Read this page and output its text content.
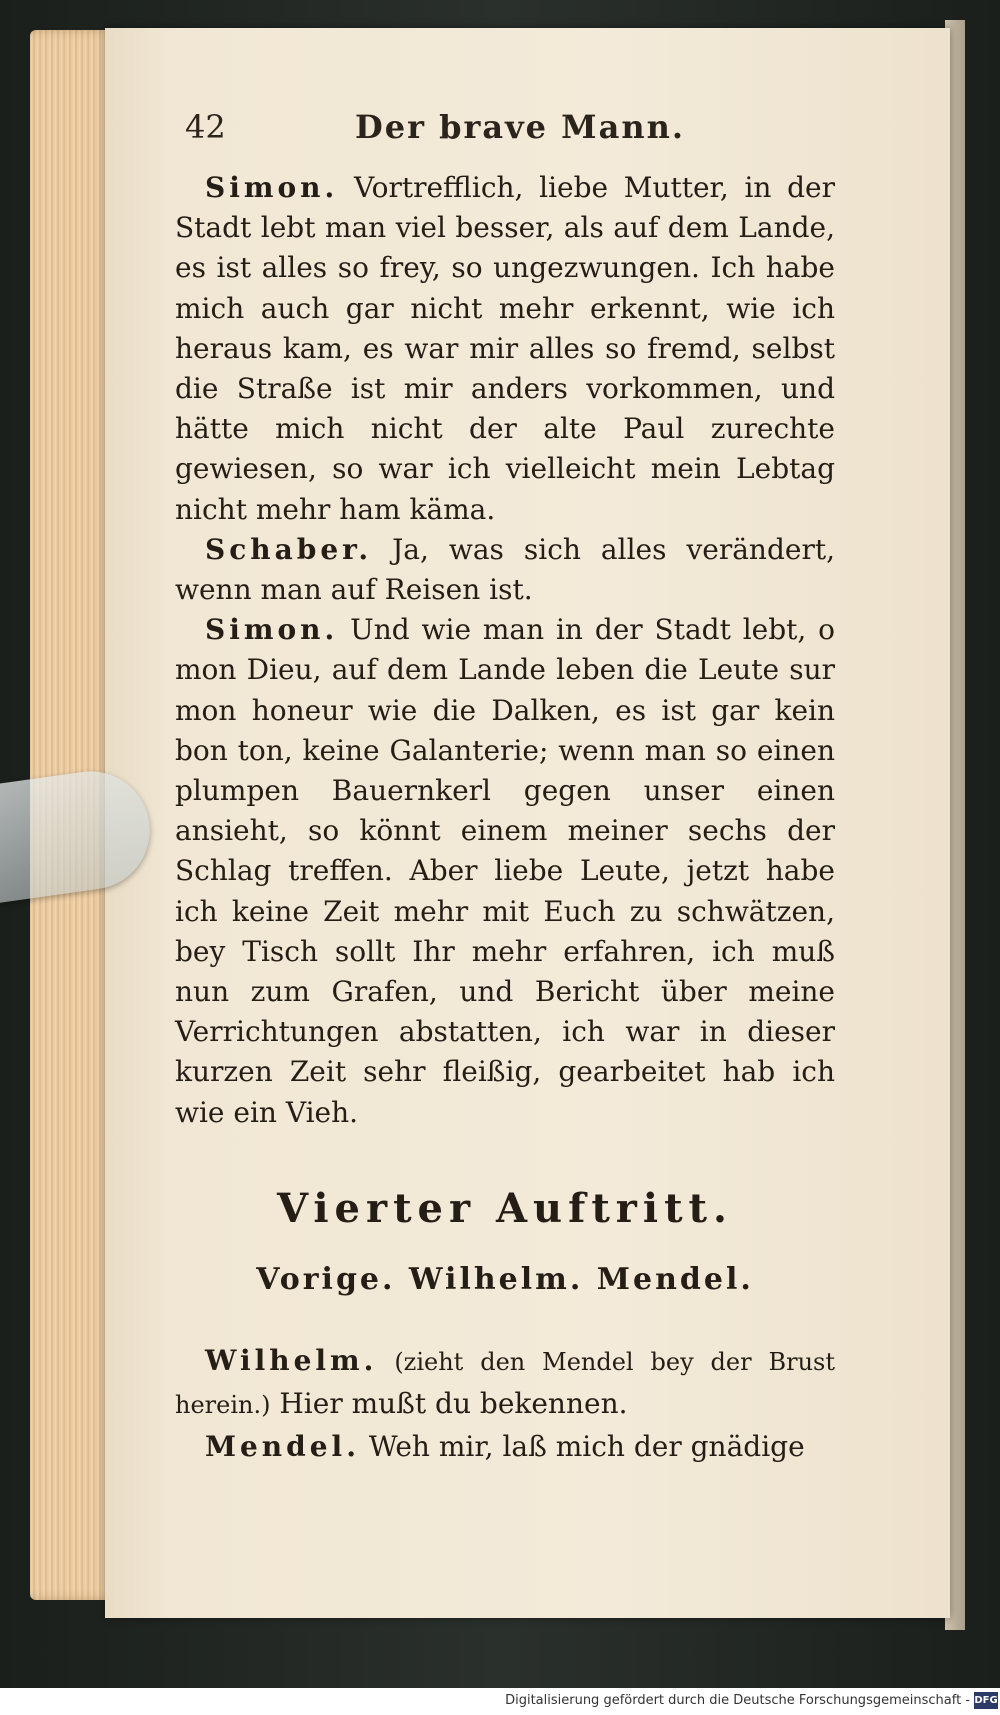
42	Der brave Mann.

Simon. Vortrefflich, liebe Mutter, in der Stadt lebt man viel besser, als auf dem Lande, es ist alles so frey, so ungezwungen. Ich habe mich auch gar nicht mehr erkennt, wie ich heraus kam, es war mir alles so fremd, selbst die Straße ist mir anders vorkommen, und hätte mich nicht der alte Paul zurechte gewiesen, so war ich vielleicht mein Lebtag nicht mehr ham käma.

Schaber. Ja, was sich alles verändert, wenn man auf Reisen ist.

Simon. Und wie man in der Stadt lebt, o mon Dieu, auf dem Lande leben die Leute sur mon honeur wie die Dalken, es ist gar kein bon ton, keine Galanterie; wenn man so einen plumpen Bauernkerl gegen unser einen ansieht, so könnt einem meiner sechs der Schlag treffen. Aber liebe Leute, jetzt habe ich keine Zeit mehr mit Euch zu schwätzen, bey Tisch sollt Ihr mehr erfahren, ich muß nun zum Grafen, und Bericht über meine Verrichtungen abstatten, ich war in dieser kurzen Zeit sehr fleißig, gearbeitet hab ich wie ein Vieh.

Vierter Auftritt.
Vorige. Wilhelm. Mendel.

Wilhelm. (zieht den Mendel bey der Brust herein.) Hier mußt du bekennen.

Mendel. Weh mir, laß mich der gnädige

Digitalisierung gefördert durch die Deutsche Forschungsgemeinschaft - DFG
